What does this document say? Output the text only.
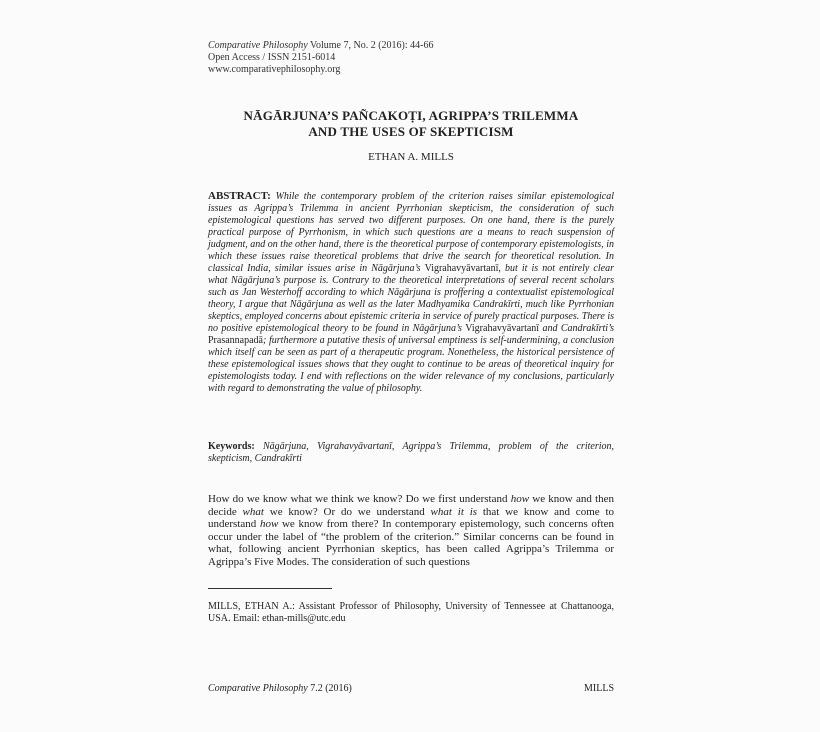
Comparative Philosophy Volume 7, No. 2 (2016): 44-66
Open Access / ISSN 2151-6014
www.comparativephilosophy.org
NĀGĀRJUNA’S PAÑCAKOṬI, AGRIPPA’S TRILEMMA
AND THE USES OF SKEPTICISM
ETHAN A. MILLS
ABSTRACT: While the contemporary problem of the criterion raises similar epistemological issues as Agrippa’s Trilemma in ancient Pyrrhonian skepticism, the consideration of such epistemological questions has served two different purposes. On one hand, there is the purely practical purpose of Pyrrhonism, in which such questions are a means to reach suspension of judgment, and on the other hand, there is the theoretical purpose of contemporary epistemologists, in which these issues raise theoretical problems that drive the search for theoretical resolution. In classical India, similar issues arise in Nāgārjuna’s Vigrahavyāvartanī, but it is not entirely clear what Nāgārjuna’s purpose is. Contrary to the theoretical interpretations of several recent scholars such as Jan Westerhoff according to which Nāgārjuna is proffering a contextualist epistemological theory, I argue that Nāgārjuna as well as the later Madhyamika Candrakīrti, much like Pyrrhonian skeptics, employed concerns about epistemic criteria in service of purely practical purposes. There is no positive epistemological theory to be found in Nāgārjuna’s Vigrahavyāvartanī and Candrakīrti’s Prasannapadā; furthermore a putative thesis of universal emptiness is self-undermining, a conclusion which itself can be seen as part of a therapeutic program. Nonetheless, the historical persistence of these epistemological issues shows that they ought to continue to be areas of theoretical inquiry for epistemologists today. I end with reflections on the wider relevance of my conclusions, particularly with regard to demonstrating the value of philosophy.
Keywords: Nāgārjuna, Vigrahavyāvartanī, Agrippa’s Trilemma, problem of the criterion, skepticism, Candrakīrti
How do we know what we think we know? Do we first understand how we know and then decide what we know? Or do we understand what it is that we know and come to understand how we know from there? In contemporary epistemology, such concerns often occur under the label of “the problem of the criterion.” Similar concerns can be found in what, following ancient Pyrrhonian skeptics, has been called Agrippa’s Trilemma or Agrippa’s Five Modes. The consideration of such questions
MILLS, ETHAN A.: Assistant Professor of Philosophy, University of Tennessee at Chattanooga, USA. Email: ethan-mills@utc.edu
Comparative Philosophy 7.2 (2016)	MILLS
